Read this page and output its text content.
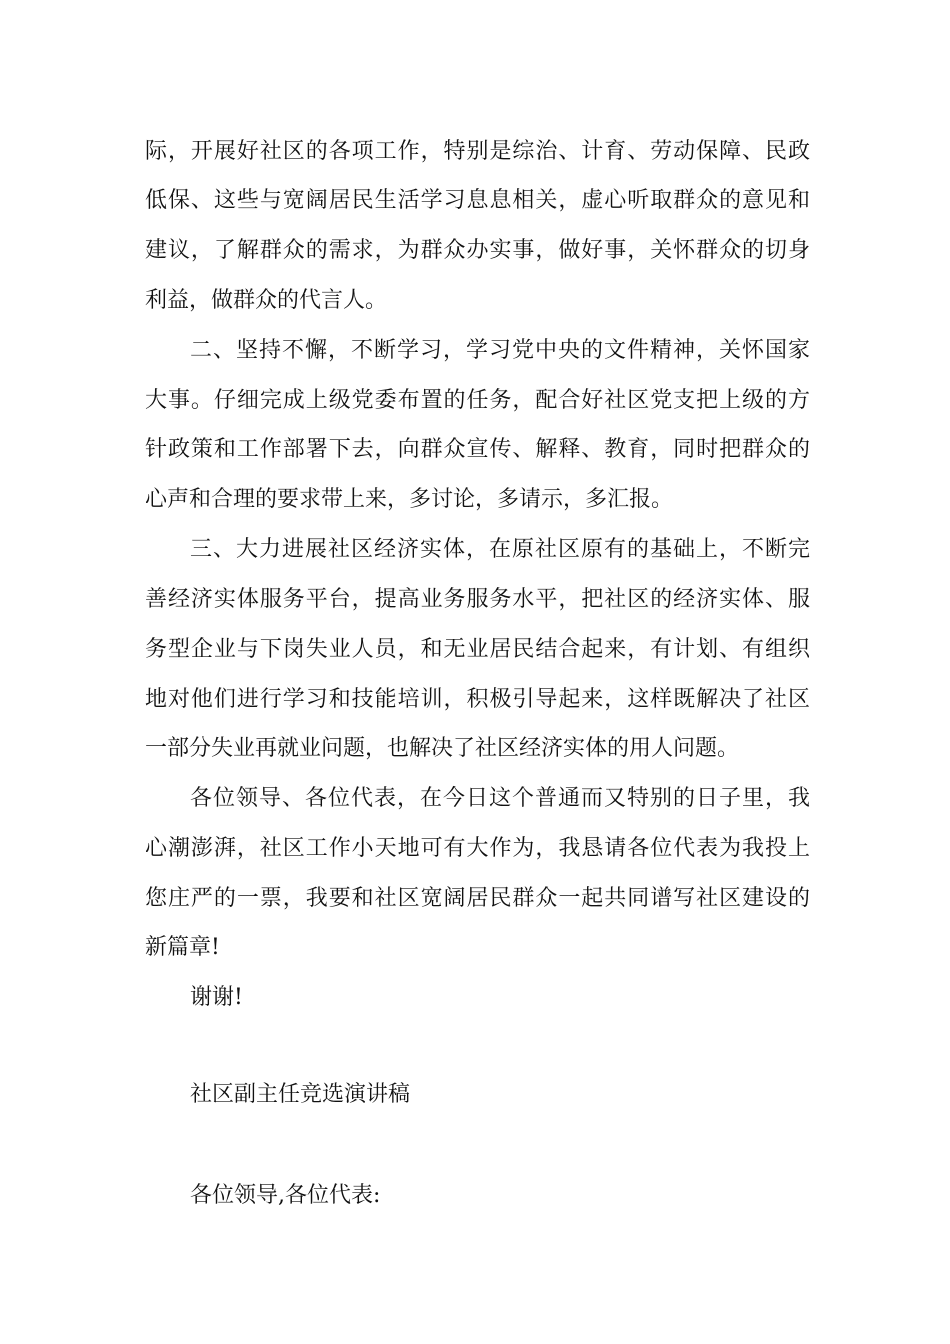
际，开展好社区的各项工作，特别是综治、计育、劳动保障、民政
低保、这些与宽阔居民生活学习息息相关，虚心听取群众的意见和
建议，了解群众的需求，为群众办实事，做好事，关怀群众的切身
利益，做群众的代言人。
二、坚持不懈，不断学习，学习党中央的文件精神，关怀国家
大事。仔细完成上级党委布置的任务，配合好社区党支把上级的方
针政策和工作部署下去，向群众宣传、解释、教育，同时把群众的
心声和合理的要求带上来，多讨论，多请示，多汇报。
三、大力进展社区经济实体，在原社区原有的基础上，不断完
善经济实体服务平台，提高业务服务水平，把社区的经济实体、服
务型企业与下岗失业人员，和无业居民结合起来，有计划、有组织
地对他们进行学习和技能培训，积极引导起来，这样既解决了社区
一部分失业再就业问题，也解决了社区经济实体的用人问题。
各位领导、各位代表，在今日这个普通而又特别的日子里，我
心潮澎湃，社区工作小天地可有大作为，我恳请各位代表为我投上
您庄严的一票，我要和社区宽阔居民群众一起共同谱写社区建设的
新篇章!
谢谢!
社区副主任竞选演讲稿
各位领导,各位代表:
